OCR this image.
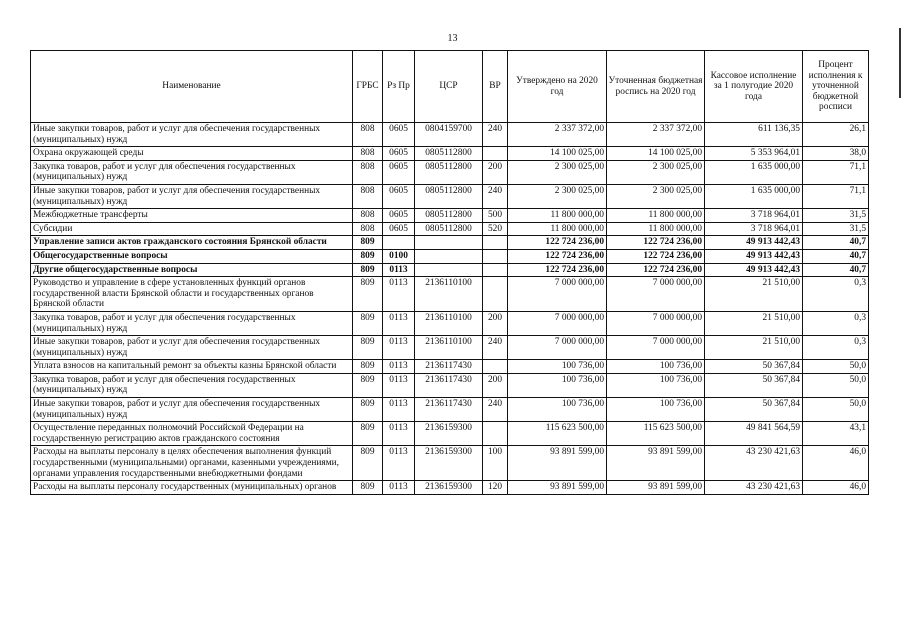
13
Наименование	ГРБС	Рз Пр	ЦСР	ВР	Утверждено на 2020 год	Уточненная бюджетная роспись на 2020 год	Кассовое исполнение за 1 полугодие 2020 года	Процент исполнения к уточненной бюджетной росписи
Иные закупки товаров, работ и услуг для обеспечения государственных (муниципальных) нужд	808	0605	0804159700	240	2 337 372,00	2 337 372,00	611 136,35	26,1
Охрана окружающей среды	808	0605	0805112800		14 100 025,00	14 100 025,00	5 353 964,01	38,0
Закупка товаров, работ и услуг для обеспечения государственных (муниципальных) нужд	808	0605	0805112800	200	2 300 025,00	2 300 025,00	1 635 000,00	71,1
Иные закупки товаров, работ и услуг для обеспечения государственных (муниципальных) нужд	808	0605	0805112800	240	2 300 025,00	2 300 025,00	1 635 000,00	71,1
Межбюджетные трансферты	808	0605	0805112800	500	11 800 000,00	11 800 000,00	3 718 964,01	31,5
Субсидии	808	0605	0805112800	520	11 800 000,00	11 800 000,00	3 718 964,01	31,5
Управление записи актов гражданского состояния Брянской области	809				122 724 236,00	122 724 236,00	49 913 442,43	40,7
Общегосударственные вопросы	809	0100			122 724 236,00	122 724 236,00	49 913 442,43	40,7
Другие общегосударственные вопросы	809	0113			122 724 236,00	122 724 236,00	49 913 442,43	40,7
Руководство и управление в сфере установленных функций органов государственной власти Брянской области и государственных органов Брянской области	809	0113	2136110100		7 000 000,00	7 000 000,00	21 510,00	0,3
Закупка товаров, работ и услуг для обеспечения государственных (муниципальных) нужд	809	0113	2136110100	200	7 000 000,00	7 000 000,00	21 510,00	0,3
Иные закупки товаров, работ и услуг для обеспечения государственных (муниципальных) нужд	809	0113	2136110100	240	7 000 000,00	7 000 000,00	21 510,00	0,3
Уплата взносов на капитальный ремонт за объекты казны Брянской области	809	0113	2136117430		100 736,00	100 736,00	50 367,84	50,0
Закупка товаров, работ и услуг для обеспечения государственных (муниципальных) нужд	809	0113	2136117430	200	100 736,00	100 736,00	50 367,84	50,0
Иные закупки товаров, работ и услуг для обеспечения государственных (муниципальных) нужд	809	0113	2136117430	240	100 736,00	100 736,00	50 367,84	50,0
Осуществление переданных полномочий Российской Федерации на государственную регистрацию актов гражданского состояния	809	0113	2136159300		115 623 500,00	115 623 500,00	49 841 564,59	43,1
Расходы на выплаты персоналу в целях обеспечения выполнения функций государственными (муниципальными) органами, казенными учреждениями, органами управления государственными внебюджетными фондами	809	0113	2136159300	100	93 891 599,00	93 891 599,00	43 230 421,63	46,0
Расходы на выплаты персоналу государственных (муниципальных) органов	809	0113	2136159300	120	93 891 599,00	93 891 599,00	43 230 421,63	46,0
